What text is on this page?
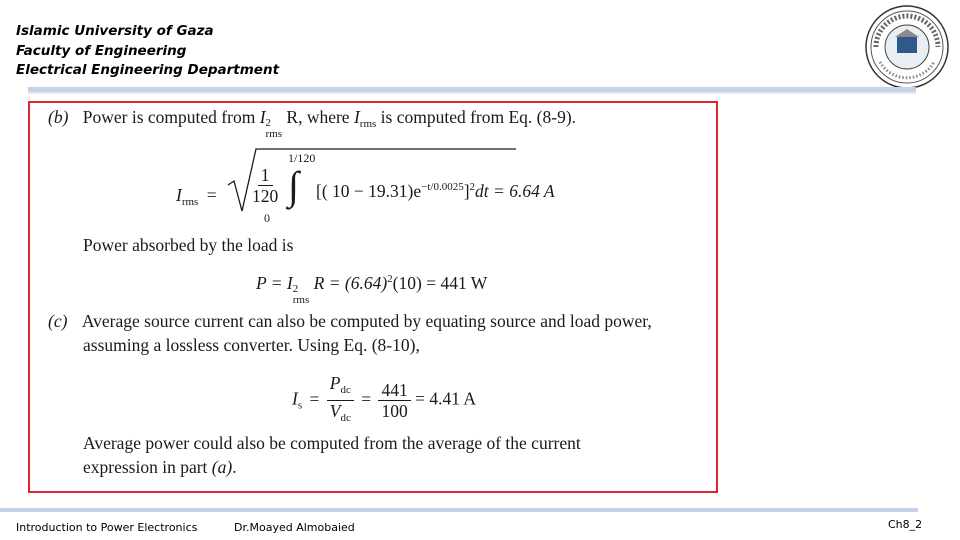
Islamic University of Gaza
Faculty of Engineering
Electrical Engineering Department
(b) Power is computed from I 2
rms
R, where $I_{rms}$ is computed from Eq. (8-9).
$I_{rms}$ =
1/120
0
$\frac{1}{120}$ ∫ [( $10 - 19.31)e^{-t/0.0025}]^2dt = 6.64$ A
Power absorbed by the load is
P = I 2
rms
$R = (6.64)^2(10) = 441$ W
(c) Average source current can also be computed by equating source and load power,
assuming a lossless converter. Using Eq. (8-10),
$I_s = \frac{P_{dc}}{V_{dc}} = \frac{441}{100} = 4.41$ A
Average power could also be computed from the average of the current
expression in part (a).
Introduction to Power Electronics	Dr.Moayed Almobaied	Ch8_2
